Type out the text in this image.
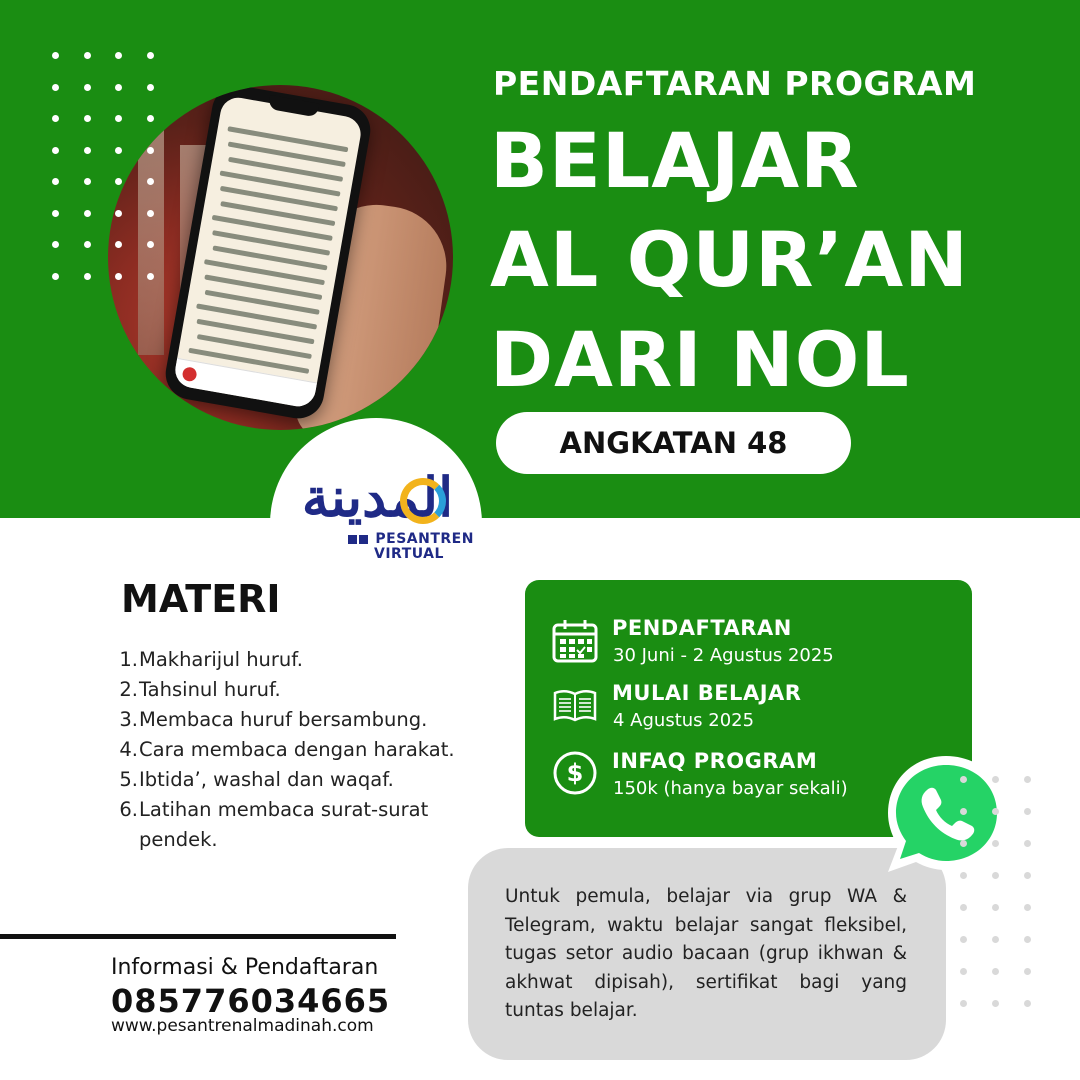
PENDAFTARAN PROGRAM
BELAJAR
AL QUR’AN
DARI NOL
ANGKATAN 48
المدينة
PESANTREN
VIRTUAL
MATERI
1. Makharijul huruf.
2. Tahsinul huruf.
3. Membaca huruf bersambung.
4. Cara membaca dengan harakat.
5. Ibtida’, washal dan waqaf.
6. Latihan membaca surat-surat pendek.
Informasi & Pendaftaran
085776034665
www.pesantrenalmadinah.com
PENDAFTARAN
30 Juni - 2 Agustus 2025
MULAI BELAJAR
4 Agustus 2025
$ INFAQ PROGRAM
150k (hanya bayar sekali)
Untuk pemula, belajar via grup WA & Telegram, waktu belajar sangat fleksibel, tugas setor audio bacaan (grup ikhwan & akhwat dipisah), sertifikat bagi yang tuntas belajar.
